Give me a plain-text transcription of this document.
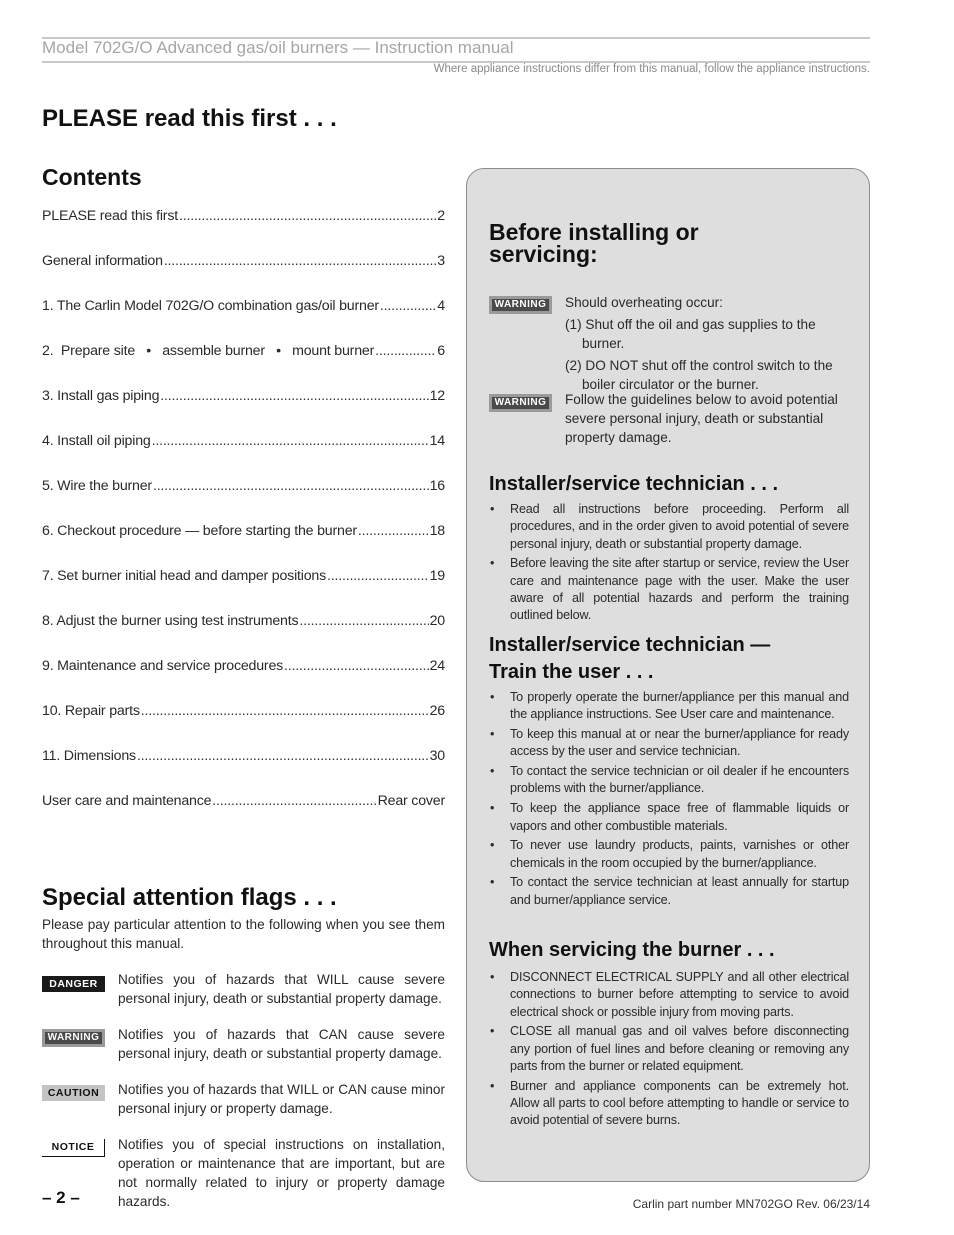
Model 702G/O Advanced gas/oil burners — Instruction manual
Where appliance instructions differ from this manual, follow the appliance instructions.
PLEASE read this first . . .
Contents
PLEASE read this first .....	2
General information .....	3
1. The Carlin Model 702G/O combination gas/oil burner .....	4
2.  Prepare site   •   assemble burner   •   mount burner .....	6
3. Install gas piping .....	12
4. Install oil piping .....	14
5. Wire the burner .....	16
6. Checkout procedure — before starting the burner .....	18
7. Set burner initial head and damper positions .....	19
8. Adjust the burner using test instruments .....	20
9. Maintenance and service procedures .....	24
10. Repair parts .....	26
11. Dimensions .....	30
User care and maintenance .....	Rear cover
Special attention flags . . .

Please pay particular attention to the following when you see them throughout this manual.

DANGER	Notifies you of hazards that WILL cause severe personal injury, death or substantial property damage.

WARNING	Notifies you of hazards that CAN cause severe personal injury, death or substantial property damage.

CAUTION	Notifies you of hazards that WILL or CAN cause minor personal injury or property damage.

NOTICE	Notifies you of special instructions on installation, operation or maintenance that are important, but are not normally related to injury or property damage hazards.

Before installing or servicing:
WARNING	Should overheating occur:
(1) Shut off the oil and gas supplies to the burner.
(2) DO NOT shut off the control switch to the boiler circulator or the burner.
WARNING	Follow the guidelines below to avoid potential severe personal injury, death or substantial property damage.

Installer/service technician . . .
• Read all instructions before proceeding. Perform all procedures, and in the order given to avoid potential of severe personal injury, death or substantial property damage.
• Before leaving the site after startup or service, review the User care and maintenance page with the user. Make the user aware of all potential hazards and perform the training outlined below.
Installer/service technician —
Train the user . . .
• To properly operate the burner/appliance per this manual and the appliance instructions. See User care and maintenance.
• To keep this manual at or near the burner/appliance for ready access by the user and service technician.
• To contact the service technician or oil dealer if he encounters problems with the burner/appliance.
• To keep the appliance space free of flammable liquids or vapors and other combustible materials.
• To never use laundry products, paints, varnishes or other chemicals in the room occupied by the burner/appliance.
• To contact the service technician at least annually for startup and burner/appliance service.
When servicing the burner . . .
• DISCONNECT ELECTRICAL SUPPLY and all other electrical connections to burner before attempting to service to avoid electrical shock or possible injury from moving parts.
• CLOSE all manual gas and oil valves before disconnecting any portion of fuel lines and before cleaning or removing any parts from the burner or related equipment.
• Burner and appliance components can be extremely hot. Allow all parts to cool before attempting to handle or service to avoid potential of severe burns.
– 2 –	Carlin part number MN702GO Rev. 06/23/14
